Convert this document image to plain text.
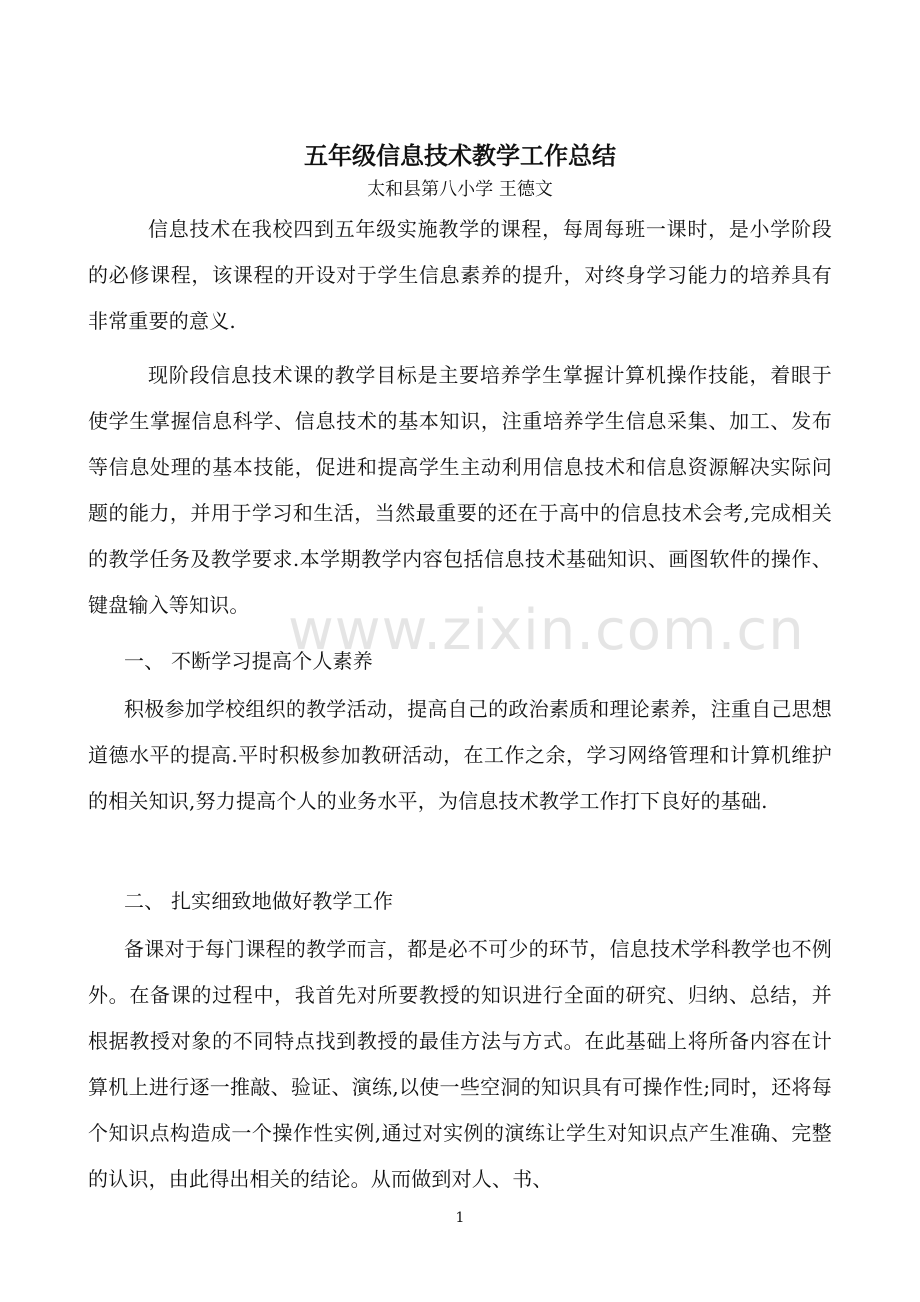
五年级信息技术教学工作总结
太和县第八小学 王德文

信息技术在我校四到五年级实施教学的课程，每周每班一课时，是小学阶段的必修课程，该课程的开设对于学生信息素养的提升，对终身学习能力的培养具有非常重要的意义.

现阶段信息技术课的教学目标是主要培养学生掌握计算机操作技能，着眼于使学生掌握信息科学、信息技术的基本知识，注重培养学生信息采集、加工、发布等信息处理的基本技能，促进和提高学生主动利用信息技术和信息资源解决实际问题的能力，并用于学习和生活，当然最重要的还在于高中的信息技术会考,完成相关的教学任务及教学要求.本学期教学内容包括信息技术基础知识、画图软件的操作、键盘输入等知识。

一、 不断学习提高个人素养

积极参加学校组织的教学活动，提高自己的政治素质和理论素养，注重自己思想道德水平的提高.平时积极参加教研活动，在工作之余，学习网络管理和计算机维护的相关知识,努力提高个人的业务水平，为信息技术教学工作打下良好的基础.

二、 扎实细致地做好教学工作

备课对于每门课程的教学而言，都是必不可少的环节，信息技术学科教学也不例外。在备课的过程中，我首先对所要教授的知识进行全面的研究、归纳、总结，并根据教授对象的不同特点找到教授的最佳方法与方式。在此基础上将所备内容在计算机上进行逐一推敲、验证、演练,以使一些空洞的知识具有可操作性;同时，还将每个知识点构造成一个操作性实例,通过对实例的演练让学生对知识点产生准确、完整的认识，由此得出相关的结论。从而做到对人、书、

www.zixin.com.cn
1
